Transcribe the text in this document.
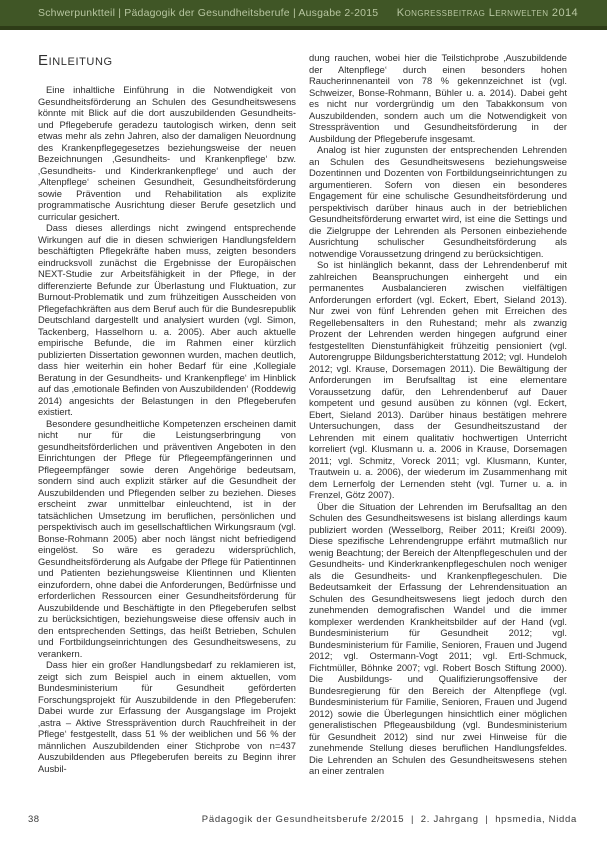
Schwerpunktteil | Pädagogik der Gesundheitsberufe | Ausgabe 2-2015 Kongressbeitrag Lernwelten 2014
Einleitung

Eine inhaltliche Einführung in die Notwendigkeit von Gesundheitsförderung an Schulen des Gesundheitswesens könnte mit Blick auf die dort auszubildenden Gesundheits- und Pflegeberufe geradezu tautologisch wirken, denn seit etwas mehr als zehn Jahren, also der damaligen Neuordnung des Krankenpflegegesetzes beziehungsweise der neuen Bezeichnungen ‚Gesundheits- und Krankenpflege‘ bzw. ‚Gesundheits- und Kinderkrankenpflege‘ und auch der ‚Altenpflege‘ scheinen Gesundheit, Gesundheitsförderung sowie Prävention und Rehabilitation als explizite programmatische Ausrichtung dieser Berufe gesetzlich und curricular gesichert.

Dass dieses allerdings nicht zwingend entsprechende Wirkungen auf die in diesen schwierigen Handlungsfeldern beschäftigten Pflegekräfte haben muss, zeigten besonders eindrucksvoll zunächst die Ergebnisse der Europäischen NEXT-Studie zur Arbeitsfähigkeit in der Pflege, in der differenzierte Befunde zur Überlastung und Fluktuation, zur Burnout-Problematik und zum frühzeitigen Ausscheiden von Pflegefachkräften aus dem Beruf auch für die Bundesrepublik Deutschland dargestellt und analysiert wurden (vgl. Simon, Tackenberg, Hasselhorn u. a. 2005). Aber auch aktuelle empirische Befunde, die im Rahmen einer kürzlich publizierten Dissertation gewonnen wurden, machen deutlich, dass hier weiterhin ein hoher Bedarf für eine ‚Kollegiale Beratung in der Gesundheits- und Krankenpflege‘ im Hinblick auf das ‚emotionale Befinden von Auszubildenden‘ (Roddewig 2014) angesichts der Belastungen in den Pflegeberufen existiert.

Besondere gesundheitliche Kompetenzen erscheinen damit nicht nur für die Leistungserbringung von gesundheitsförderlichen und präventiven Angeboten in den Einrichtungen der Pflege für Pflegeempfängerinnen und Pflegeempfänger sowie deren Angehörige bedeutsam, sondern sind auch explizit stärker auf die Gesundheit der Auszubildenden und Pflegenden selber zu beziehen. Dieses erscheint zwar unmittelbar einleuchtend, ist in der tatsächlichen Umsetzung im beruflichen, persönlichen und perspektivisch auch im gesellschaftlichen Wirkungsraum (vgl. Bonse-Rohmann 2005) aber noch längst nicht befriedigend eingelöst. So wäre es geradezu widersprüchlich, Gesundheitsförderung als Aufgabe der Pflege für Patientinnen und Patienten beziehungsweise Klientinnen und Klienten einzufordern, ohne dabei die Anforderungen, Bedürfnisse und erforderlichen Ressourcen einer Gesundheitsförderung für Auszubildende und Beschäftigte in den Pflegeberufen selbst zu berücksichtigen, beziehungsweise diese offensiv auch in den entsprechenden Settings, das heißt Betrieben, Schulen und Fortbildungseinrichtungen des Gesundheitswesens, zu verankern.

Dass hier ein großer Handlungsbedarf zu reklamieren ist, zeigt sich zum Beispiel auch in einem aktuellen, vom Bundesministerium für Gesundheit geförderten Forschungsprojekt für Auszubildende in den Pflegeberufen: Dabei wurde zur Erfassung der Ausgangslage im Projekt ‚astra – Aktive Stressprävention durch Rauchfreiheit in der Pflege‘ festgestellt, dass 51 % der weiblichen und 56 % der männlichen Auszubildenden einer Stichprobe von n=437 Auszubildenden aus Pflegeberufen bereits zu Beginn ihrer Ausbil-

dung rauchen, wobei hier die Teilstichprobe ‚Auszubildende der Altenpflege‘ durch einen besonders hohen Raucherinnenanteil von 78 % gekennzeichnet ist (vgl. Schweizer, Bonse-Rohmann, Bühler u. a. 2014). Dabei geht es nicht nur vordergründig um den Tabakkonsum von Auszubildenden, sondern auch um die Notwendigkeit von Stressprävention und Gesundheitsförderung in der Ausbildung der Pflegeberufe insgesamt.

Analog ist hier zugunsten der entsprechenden Lehrenden an Schulen des Gesundheitswesens beziehungsweise Dozentinnen und Dozenten von Fortbildungseinrichtungen zu argumentieren. Sofern von diesen ein besonderes Engagement für eine schulische Gesundheitsförderung und perspektivisch darüber hinaus auch in der betrieblichen Gesundheitsförderung erwartet wird, ist eine die Settings und die Zielgruppe der Lehrenden als Personen einbeziehende Ausrichtung schulischer Gesundheitsförderung als notwendige Voraussetzung dringend zu berücksichtigen.

So ist hinlänglich bekannt, dass der Lehrendenberuf mit zahlreichen Beanspruchungen einhergeht und ein permanentes Ausbalancieren zwischen vielfältigen Anforderungen erfordert (vgl. Eckert, Ebert, Sieland 2013). Nur zwei von fünf Lehrenden gehen mit Erreichen des Regellebensalters in den Ruhestand; mehr als zwanzig Prozent der Lehrenden werden hingegen aufgrund einer festgestellten Dienstunfähigkeit frühzeitig pensioniert (vgl. Autorengruppe Bildungsberichterstattung 2012; vgl. Hundeloh 2012; vgl. Krause, Dorsemagen 2011). Die Bewältigung der Anforderungen im Berufsalltag ist eine elementare Voraussetzung dafür, den Lehrendenberuf auf Dauer kompetent und gesund ausüben zu können (vgl. Eckert, Ebert, Sieland 2013). Darüber hinaus bestätigen mehrere Untersuchungen, dass der Gesundheitszustand der Lehrenden mit einem qualitativ hochwertigen Unterricht korreliert (vgl. Klusmann u. a. 2006 in Krause, Dorsemagen 2011; vgl. Schmitz, Voreck 2011; vgl. Klusmann, Kunter, Trautwein u. a. 2006), der wiederum im Zusammenhang mit dem Lernerfolg der Lernenden steht (vgl. Turner u. a. in Frenzel, Götz 2007).

Über die Situation der Lehrenden im Berufsalltag an den Schulen des Gesundheitswesens ist bislang allerdings kaum publiziert worden (Wesselborg, Reiber 2011; Kreißl 2009). Diese spezifische Lehrendengruppe erfährt mutmaßlich nur wenig Beachtung; der Bereich der Altenpflegeschulen und der Gesundheits- und Kinderkrankenpflegeschulen noch weniger als die Gesundheits- und Krankenpflegeschulen. Die Bedeutsamkeit der Erfassung der Lehrendensituation an Schulen des Gesundheitswesens liegt jedoch durch den zunehmenden demografischen Wandel und die immer komplexer werdenden Krankheitsbilder auf der Hand (vgl. Bundesministerium für Gesundheit 2012; vgl. Bundesministerium für Familie, Senioren, Frauen und Jugend 2012; vgl. Ostermann-Vogt 2011; vgl. Ertl-Schmuck, Fichtmüller, Böhnke 2007; vgl. Robert Bosch Stiftung 2000). Die Ausbildungs- und Qualifizierungsoffensive der Bundesregierung für den Bereich der Altenpflege (vgl. Bundesministerium für Familie, Senioren, Frauen und Jugend 2012) sowie die Überlegungen hinsichtlich einer möglichen generalistischen Pflegeausbildung (vgl. Bundesministerium für Gesundheit 2012) sind nur zwei Hinweise für die zunehmende Stellung dieses beruflichen Handlungsfeldes. Die Lehrenden an Schulen des Gesundheitswesens stehen an einer zentralen

38	Pädagogik der Gesundheitsberufe 2/2015  |  2. Jahrgang  |  hpsmedia, Nidda
